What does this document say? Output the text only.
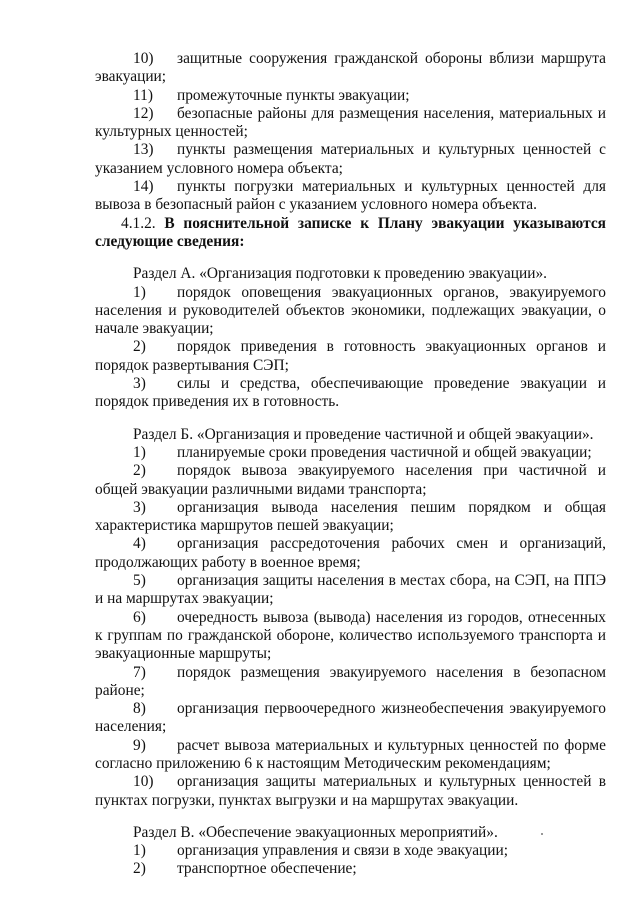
10) защитные сооружения гражданской обороны вблизи маршрута эвакуации;

11) промежуточные пункты эвакуации;

12) безопасные районы для размещения населения, материальных и культурных ценностей;

13) пункты размещения материальных и культурных ценностей с указанием условного номера объекта;

14) пункты погрузки материальных и культурных ценностей для вывоза в безопасный район с указанием условного номера объекта.

4.1.2. В пояснительной записке к Плану эвакуации указываются следующие сведения:

Раздел А. «Организация подготовки к проведению эвакуации».

1) порядок оповещения эвакуационных органов, эвакуируемого населения и руководителей объектов экономики, подлежащих эвакуации, о начале эвакуации;

2) порядок приведения в готовность эвакуационных органов и порядок развертывания СЭП;

3) силы и средства, обеспечивающие проведение эвакуации и порядок приведения их в готовность.

Раздел Б. «Организация и проведение частичной и общей эвакуации».

1) планируемые сроки проведения частичной и общей эвакуации;

2) порядок вывоза эвакуируемого населения при частичной и общей эвакуации различными видами транспорта;

3) организация вывода населения пешим порядком и общая характеристика маршрутов пешей эвакуации;

4) организация рассредоточения рабочих смен и организаций, продолжающих работу в военное время;

5) организация защиты населения в местах сбора, на СЭП, на ППЭ и на маршрутах эвакуации;

6) очередность вывоза (вывода) населения из городов, отнесенных к группам по гражданской обороне, количество используемого транспорта и эвакуационные маршруты;

7) порядок размещения эвакуируемого населения в безопасном районе;

8) организация первоочередного жизнеобеспечения эвакуируемого населения;

9) расчет вывоза материальных и культурных ценностей по форме согласно приложению 6 к настоящим Методическим рекомендациям;

10) организация защиты материальных и культурных ценностей в пунктах погрузки, пунктах выгрузки и на маршрутах эвакуации.

Раздел В. «Обеспечение эвакуационных мероприятий».

1) организация управления и связи в ходе эвакуации;

2) транспортное обеспечение;
